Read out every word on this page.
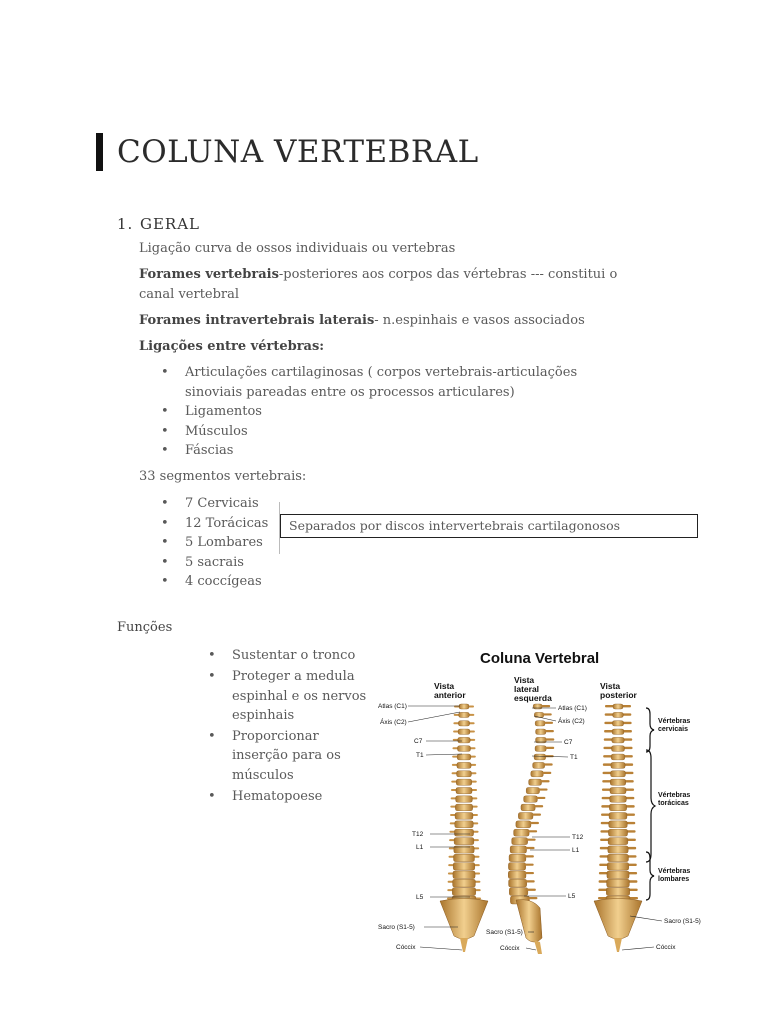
COLUNA VERTEBRAL
1. GERAL
Ligação curva de ossos individuais ou vertebras
Forames vertebrais-posteriores aos corpos das vértebras --- constitui o canal vertebral
Forames intravertebrais laterais- n.espinhais e vasos associados
Ligações entre vértebras:
• Articulações cartilaginosas ( corpos vertebrais-articulações sinoviais pareadas entre os processos articulares)
• Ligamentos
• Músculos
• Fáscias
33 segmentos vertebrais:
• 7 Cervicais
• 12 Torácicas
• 5 Lombares
• 5 sacrais
• 4 coccígeas
Separados por discos intervertebrais cartilagonosos
Funções
• Sustentar o tronco
• Proteger a medula espinhal e os nervos espinhais
• Proporcionar inserção para os músculos
• Hematopoese
Coluna Vertebral
Vista anterior
Vista lateral esquerda
Vista posterior
Atlas (C1)
Áxis (C2)
C7
T1
T12
L1
L5
Sacro (S1-5)
Cóccix
Atlas (C1)
Áxis (C2)
C7
T1
T12
L1
L5
Sacro (S1-5)
Cóccix
Sacro (S1-5)
Cóccix
Vértebras cervicais
Vértebras torácicas
Vértebras lombares
